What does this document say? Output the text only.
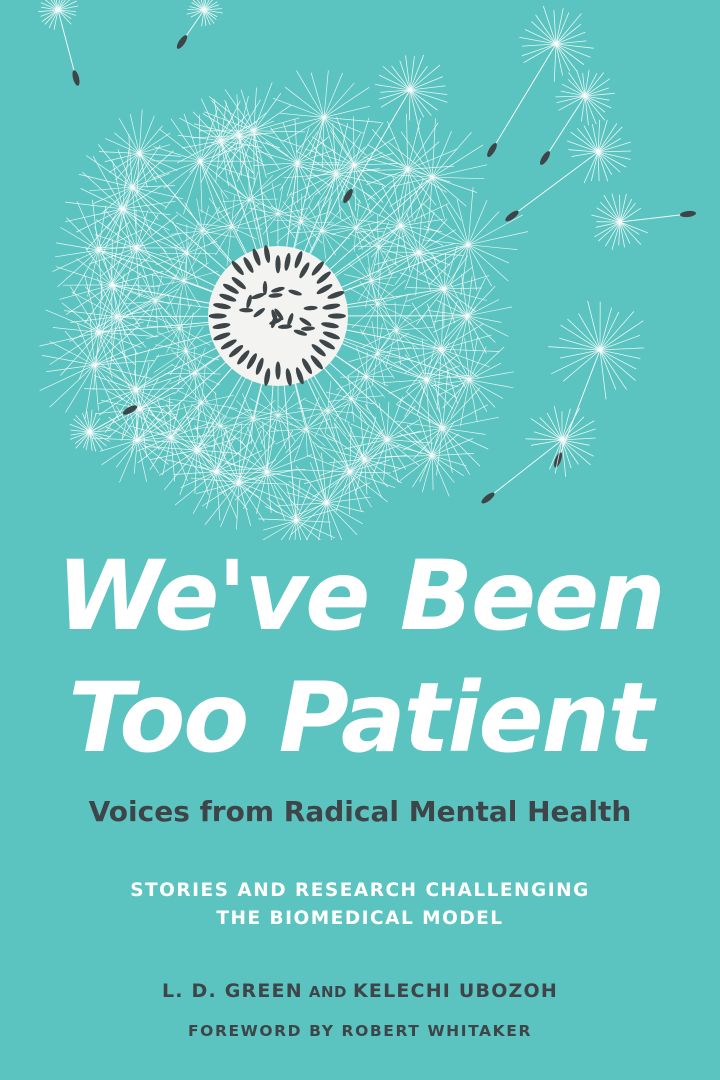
We've Been
Too Patient
Voices from Radical Mental Health
STORIES AND RESEARCH CHALLENGING
THE BIOMEDICAL MODEL
L. D. GREEN AND KELECHI UBOZOH
FOREWORD BY ROBERT WHITAKER
